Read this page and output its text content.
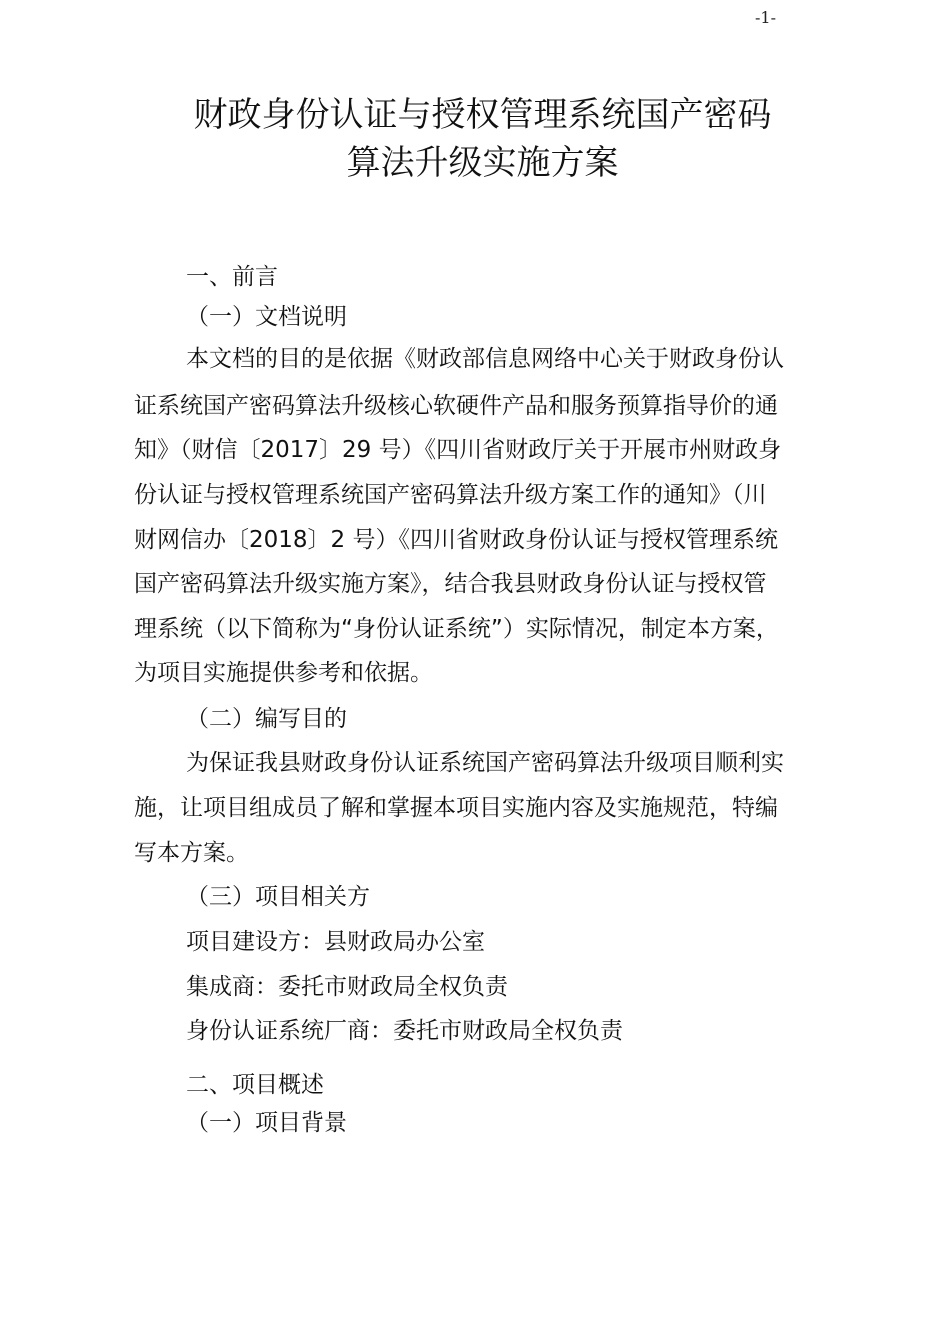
-1-
财政身份认证与授权管理系统国产密码
算法升级实施方案

一、前言

（一）文档说明

本文档的目的是依据《财政部信息网络中心关于财政身份认

证系统国产密码算法升级核心软硬件产品和服务预算指导价的通

知》（财信〔2017〕29 号）《四川省财政厅关于开展市州财政身

份认证与授权管理系统国产密码算法升级方案工作的通知》（川

财网信办〔2018〕2 号）《四川省财政身份认证与授权管理系统

国产密码算法升级实施方案》，结合我县财政身份认证与授权管

理系统（以下简称为“身份认证系统”）实际情况，制定本方案，

为项目实施提供参考和依据。

（二）编写目的

为保证我县财政身份认证系统国产密码算法升级项目顺利实

施，让项目组成员了解和掌握本项目实施内容及实施规范，特编

写本方案。

（三）项目相关方

项目建设方：县财政局办公室

集成商：委托市财政局全权负责

身份认证系统厂商：委托市财政局全权负责

二、项目概述

（一）项目背景
